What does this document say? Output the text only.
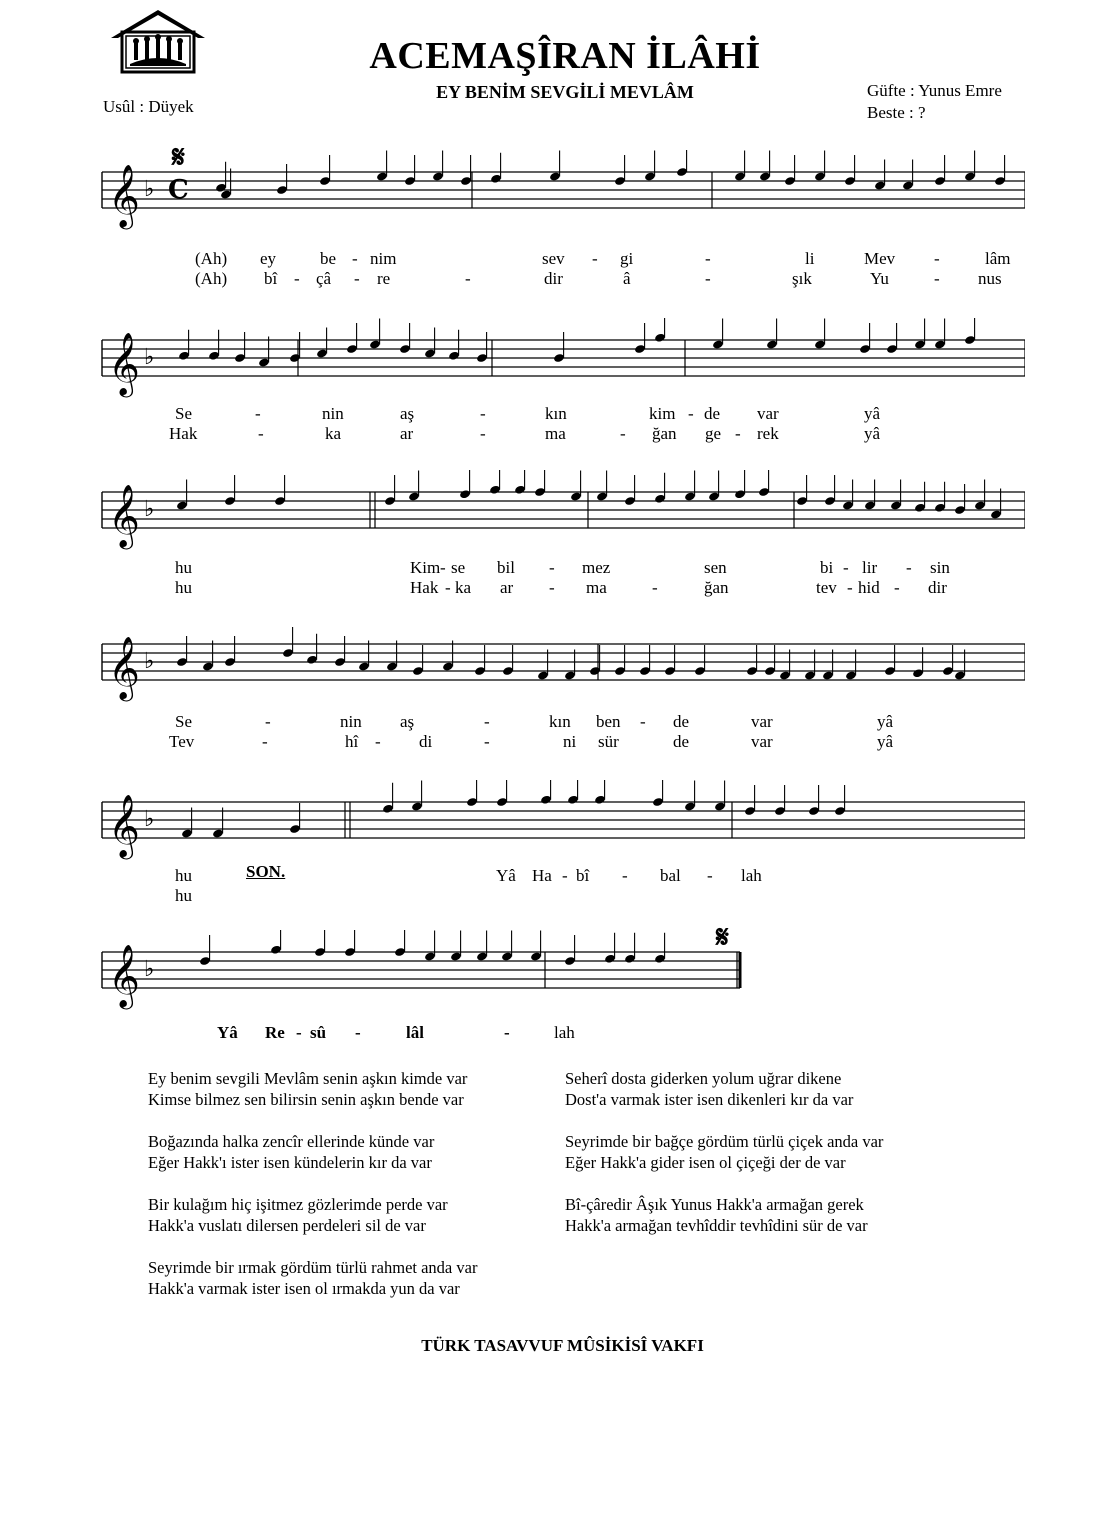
ACEMAŞÎRAN İLÂHİ
EY BENİM SEVGİLİ MEVLÂM
Usûl : Düyek
Güfte : Yunus Emre
Beste : ?
𝄋
𝄋
𝄞 ♭ C
𝄞 ♭
𝄞 ♭
𝄞 ♭
𝄞 ♭
𝄞 ♭
(Ah) ey	be - nim	sev - gi	-	li	Mev -	lâm
(Ah) bî - çâ - re	-	dir	â	-	şık	Yu	- nus
Se	-	nin	aş	-	kın	kim - de var	yâ
Hak	-	ka	ar	-	ma	- ğan ge - rek	yâ
hu	Kim - se bil - mez	sen	bi - lir - sin
hu	Hak - ka ar - ma	-	ğan	tev - hid - dir
Se	-	nin aş	-	kın ben - de	var	yâ
Tev	-	hî - di	-	ni sür	de	var	yâ
hu	SON.	Yâ Ha - bî - bal - lah
hu
Yâ Re - sû -	lâl	-	lah
Ey benim sevgili Mevlâm senin aşkın kimde var
Kimse bilmez sen bilirsin senin aşkın bende var
Boğazında halka zencîr ellerinde künde var
Eğer Hakk'ı ister isen kündelerin kır da var
Bir kulağım hiç işitmez gözlerimde perde var
Hakk'a vuslatı dilersen perdeleri sil de var
Seyrimde bir ırmak gördüm türlü rahmet anda var
Hakk'a varmak ister isen ol ırmakda yun da var
Seherî dosta giderken yolum uğrar dikene
Dost'a varmak ister isen dikenleri kır da var
Seyrimde bir bağçe gördüm türlü çiçek anda var
Eğer Hakk'a gider isen ol çiçeği der de var
Bî-çâredir Âşık Yunus Hakk'a armağan gerek
Hakk'a armağan tevhîddir tevhîdini sür de var
TÜRK TASAVVUF MÛSİKİSÎ VAKFI
